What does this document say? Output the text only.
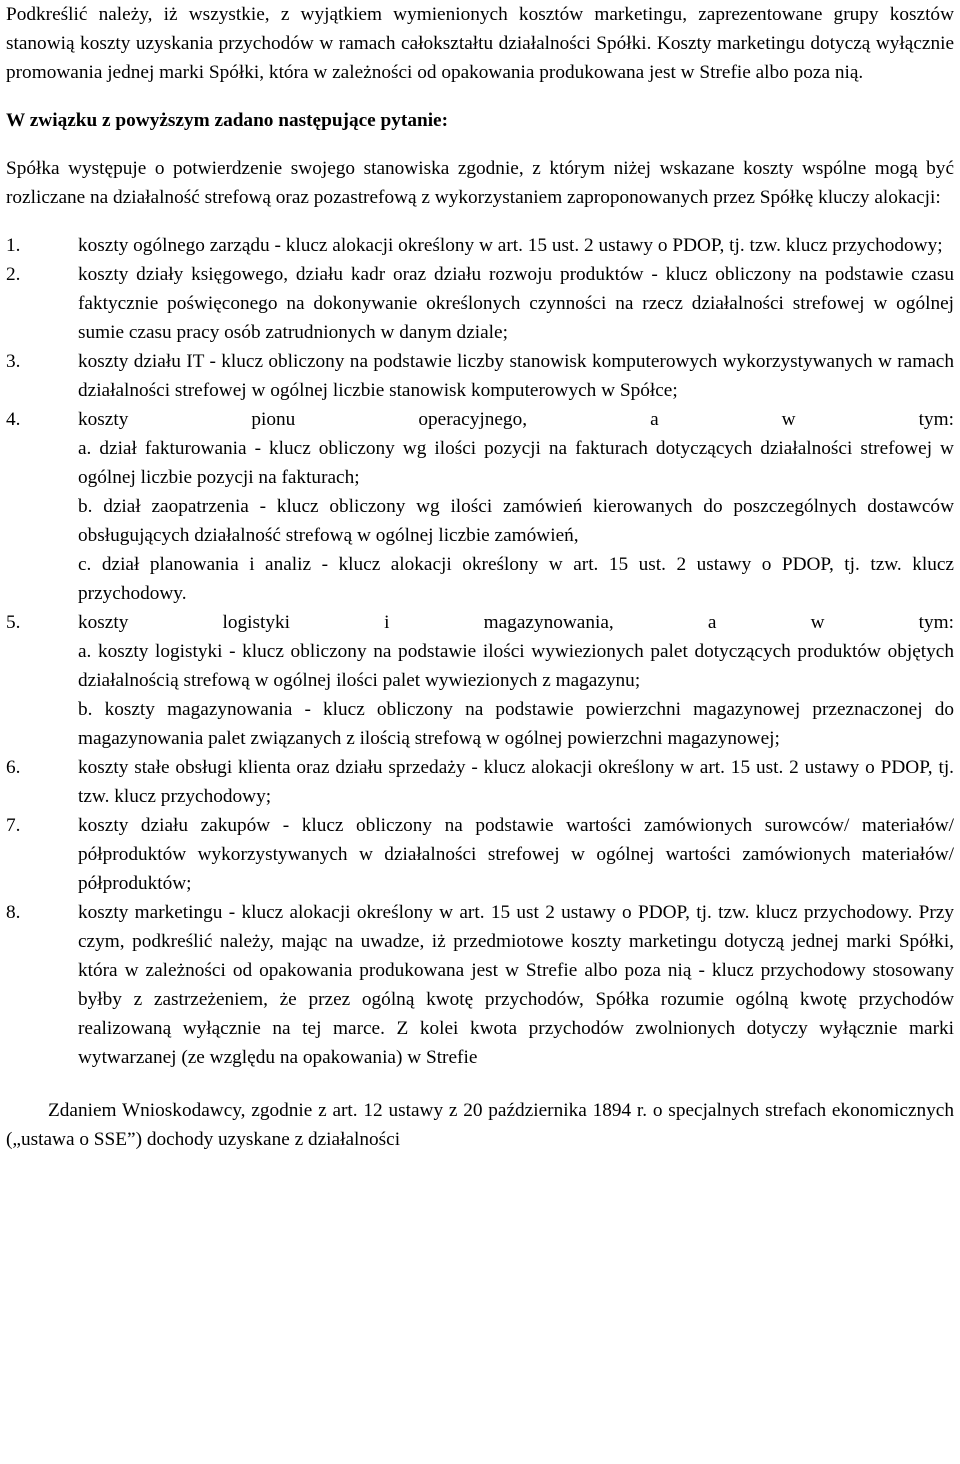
Podkreślić należy, iż wszystkie, z wyjątkiem wymienionych kosztów marketingu, zaprezentowane grupy kosztów stanowią koszty uzyskania przychodów w ramach całokształtu działalności Spółki. Koszty marketingu dotyczą wyłącznie promowania jednej marki Spółki, która w zależności od opakowania produkowana jest w Strefie albo poza nią.

W związku z powyższym zadano następujące pytanie:

Spółka występuje o potwierdzenie swojego stanowiska zgodnie, z którym niżej wskazane koszty wspólne mogą być rozliczane na działalność strefową oraz pozastrefową z wykorzystaniem zaproponowanych przez Spółkę kluczy alokacji:

1.	koszty ogólnego zarządu - klucz alokacji określony w art. 15 ust. 2 ustawy o PDOP, tj. tzw. klucz przychodowy;

2.	koszty działy księgowego, działu kadr oraz działu rozwoju produktów - klucz obliczony na podstawie czasu faktycznie poświęconego na dokonywanie określonych czynności na rzecz działalności strefowej w ogólnej sumie czasu pracy osób zatrudnionych w danym dziale;

3.	koszty działu IT - klucz obliczony na podstawie liczby stanowisk komputerowych wykorzystywanych w ramach działalności strefowej w ogólnej liczbie stanowisk komputerowych w Spółce;

4.	koszty pionu operacyjnego, a w tym:

a. dział fakturowania - klucz obliczony wg ilości pozycji na fakturach dotyczących działalności strefowej w ogólnej liczbie pozycji na fakturach;

b. dział zaopatrzenia - klucz obliczony wg ilości zamówień kierowanych do poszczególnych dostawców obsługujących działalność strefową w ogólnej liczbie zamówień,

c. dział planowania i analiz - klucz alokacji określony w art. 15 ust. 2 ustawy o PDOP, tj. tzw. klucz przychodowy.

5.	koszty logistyki i magazynowania, a w tym:

a. koszty logistyki - klucz obliczony na podstawie ilości wywiezionych palet dotyczących produktów objętych działalnością strefową w ogólnej ilości palet wywiezionych z magazynu;

b. koszty magazynowania - klucz obliczony na podstawie powierzchni magazynowej przeznaczonej do magazynowania palet związanych z ilością strefową w ogólnej powierzchni magazynowej;

6.	koszty stałe obsługi klienta oraz działu sprzedaży - klucz alokacji określony w art. 15 ust. 2 ustawy o PDOP, tj. tzw. klucz przychodowy;

7.	koszty działu zakupów - klucz obliczony na podstawie wartości zamówionych surowców/ materiałów/ półproduktów wykorzystywanych w działalności strefowej w ogólnej wartości zamówionych materiałów/ półproduktów;

8.	koszty marketingu - klucz alokacji określony w art. 15 ust 2 ustawy o PDOP, tj. tzw. klucz przychodowy. Przy czym, podkreślić należy, mając na uwadze, iż przedmiotowe koszty marketingu dotyczą jednej marki Spółki, która w zależności od opakowania produkowana jest w Strefie albo poza nią - klucz przychodowy stosowany byłby z zastrzeżeniem, że przez ogólną kwotę przychodów, Spółka rozumie ogólną kwotę przychodów realizowaną wyłącznie na tej marce. Z kolei kwota przychodów zwolnionych dotyczy wyłącznie marki wytwarzanej (ze względu na opakowania) w Strefie

Zdaniem Wnioskodawcy, zgodnie z art. 12 ustawy z 20 października 1894 r. o specjalnych strefach ekonomicznych („ustawa o SSE”) dochody uzyskane z działalności
